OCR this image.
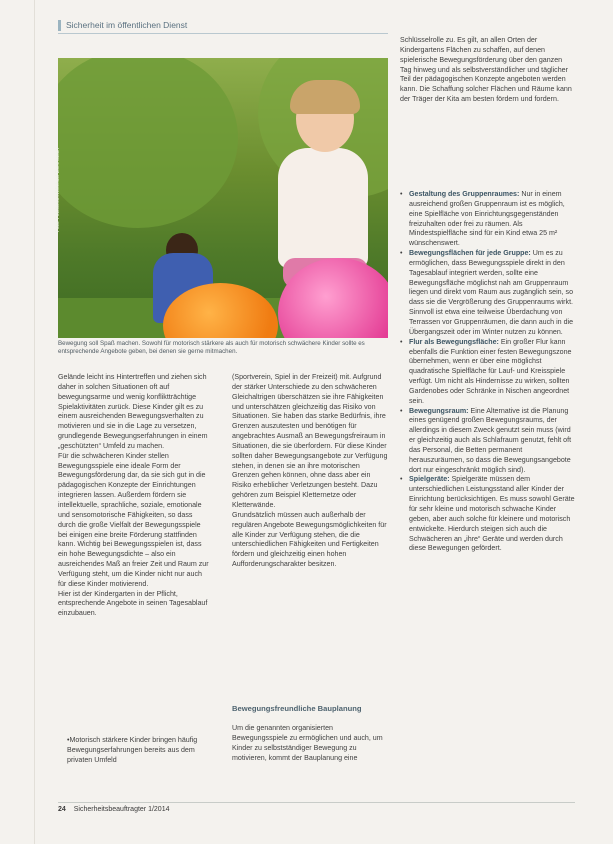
Sicherheit im öffentlichen Dienst
Foto: Fotolia.com/Michael Dommasch
Bewegung soll Spaß machen. Sowohl für motorisch stärkere als auch für motorisch schwächere Kinder sollte es entsprechende Angebote geben, bei denen sie gerne mitmachen.
Gelände leicht ins Hintertreffen und ziehen sich daher in solchen Situationen oft auf bewegungsarme und wenig konfliktträchtige Spielaktivitäten zurück. Diese Kinder gilt es zu einem ausreichenden Bewegungsverhalten zu motivieren und sie in die Lage zu versetzen, grundlegende Bewegungserfahrungen in einem „geschützten“ Umfeld zu machen.
Für die schwächeren Kinder stellen Bewegungsspiele eine ideale Form der Bewegungsförderung dar, da sie sich gut in die pädagogischen Konzepte der Einrichtungen integrieren lassen. Außerdem fördern sie intellektuelle, sprachliche, soziale, emotionale und sensomotorische Fähigkeiten, so dass durch die große Vielfalt der Bewegungsspiele bei einigen eine breite Förderung stattfinden kann. Wichtig bei Bewegungsspielen ist, dass ein hohe Bewegungsdichte – also ein ausreichendes Maß an freier Zeit und Raum zur Verfügung steht, um die Kinder nicht nur auch für diese Kinder motivierend.
Hier ist der Kindergarten in der Pflicht, entsprechende Angebote in seinen Tagesablauf einzubauen.
•Motorisch stärkere Kinder bringen häufig Bewegungserfahrungen bereits aus dem privaten Umfeld
(Sportverein, Spiel in der Freizeit) mit. Aufgrund der stärker Unterschiede zu den schwächeren Gleichaltrigen überschätzen sie ihre Fähigkeiten und unterschätzen gleichzeitig das Risiko von Situationen. Sie haben das starke Bedürfnis, ihre Grenzen auszutesten und benötigen für angebrachtes Ausmaß an Bewegungsfreiraum in Situationen, die sie überfordern. Für diese Kinder sollten daher Bewegungsangebote zur Verfügung stehen, in denen sie an ihre motorischen Grenzen gehen können, ohne dass aber ein Risiko erheblicher Verletzungen besteht. Dazu gehören zum Beispiel Kletternetze oder Kletterwände.
Grundsätzlich müssen auch außerhalb der regulären Angebote Bewegungsmöglichkeiten für alle Kinder zur Verfügung stehen, die die unterschiedlichen Fähigkeiten und Fertigkeiten fördern und gleichzeitig einen hohen Aufforderungscharakter besitzen.
Bewegungsfreundliche Bauplanung
Um die genannten organisierten Bewegungsspiele zu ermöglichen und auch, um Kinder zu selbstständiger Bewegung zu motivieren, kommt der Bauplanung eine
Schlüsselrolle zu. Es gilt, an allen Orten der Kindergartens Flächen zu schaffen, auf denen spielerische Bewegungsförderung über den ganzen Tag hinweg und als selbstverständlicher und täglicher Teil der pädagogischen Konzepte angeboten werden kann. Die Schaffung solcher Flächen und Räume kann der Träger der Kita am besten fördern und fordern.
• Gestaltung des Gruppenraumes: Nur in einem ausreichend großen Gruppenraum ist es möglich, eine Spielfläche von Einrichtungsgegenständen freizuhalten oder frei zu räumen. Als Mindestspielfläche sind für ein Kind etwa 25 m² wünschenswert.
• Bewegungsflächen für jede Gruppe: Um es zu ermöglichen, dass Bewegungsspiele direkt in den Tagesablauf integriert werden, sollte eine Bewegungsfläche möglichst nah am Gruppenraum liegen und direkt vom Raum aus zugänglich sein, so dass sie die Vergrößerung des Gruppenraums wirkt. Sinnvoll ist etwa eine teilweise Überdachung von Terrassen vor Gruppenräumen, die dann auch in die Übergangszeit oder im Winter nutzen zu können.
• Flur als Bewegungsfläche: Ein großer Flur kann ebenfalls die Funktion einer festen Bewegungszone übernehmen, wenn er über eine möglichst quadratische Spielfläche für Lauf- und Kreisspiele verfügt. Um nicht als Hindernisse zu wirken, sollten Gardenobes oder Schränke in Nischen angeordnet sein.
• Bewegungsraum: Eine Alternative ist die Planung eines genügend großen Bewegungsraums, der allerdings in diesem Zweck genutzt sein muss (wird er gleichzeitig auch als Schlafraum genutzt, fehlt oft das Personal, die Betten permanent herauszuräumen, so dass die Bewegungsangebote dort nur eingeschränkt möglich sind).
• Spielgeräte: Spielgeräte müssen dem unterschiedlichen Leistungsstand aller Kinder der Einrichtung berücksichtigen. Es muss sowohl Geräte für sehr kleine und motorisch schwache Kinder geben, aber auch solche für kleinere und motorisch entwickelte. Hierdurch steigen sich auch die Schwächeren an „ihre“ Geräte und werden durch diese Bewegungen gefördert.
24 Sicherheitsbeauftragter 1/2014
